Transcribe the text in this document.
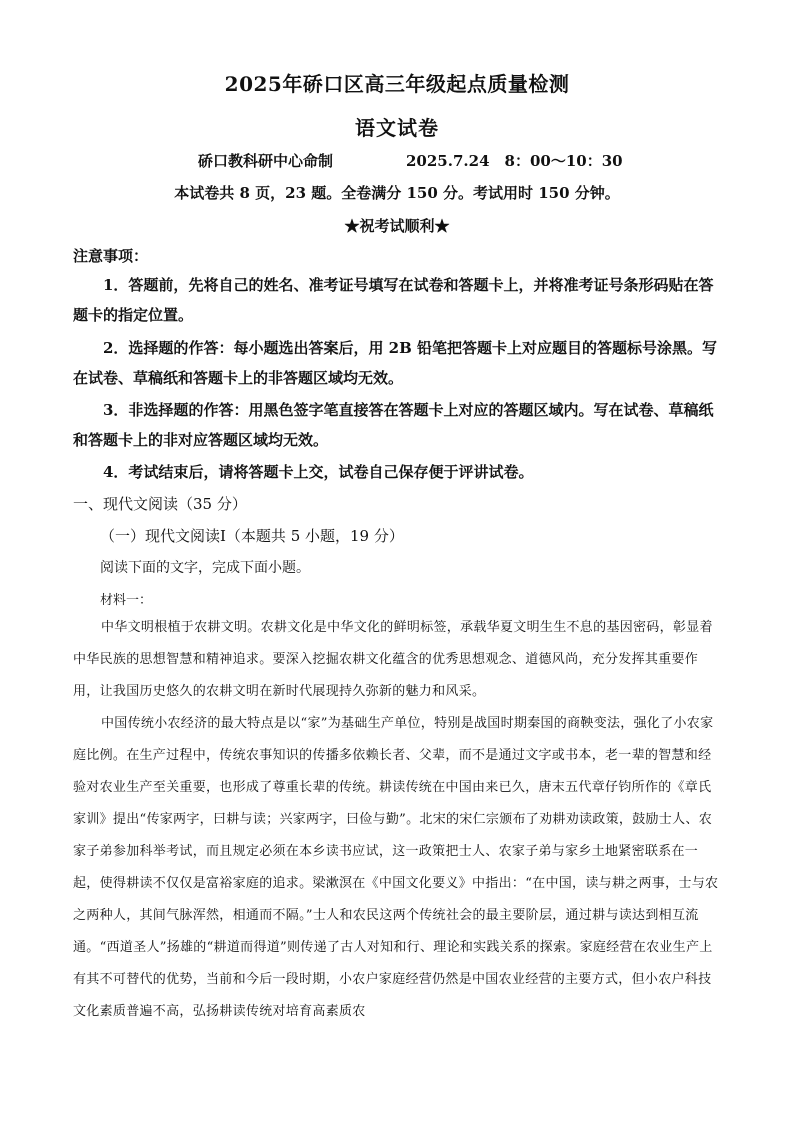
2025年硚口区高三年级起点质量检测
语文试卷
硚口教科研中心命制	2025.7.24　8：00～10：30
本试卷共 8 页，23 题。全卷满分 150 分。考试用时 150 分钟。
★祝考试顺利★
注意事项：
1．答题前，先将自己的姓名、准考证号填写在试卷和答题卡上，并将准考证号条形码贴在答题卡的指定位置。
2．选择题的作答：每小题选出答案后，用 2B 铅笔把答题卡上对应题目的答题标号涂黑。写在试卷、草稿纸和答题卡上的非答题区域均无效。
3．非选择题的作答：用黑色签字笔直接答在答题卡上对应的答题区域内。写在试卷、草稿纸和答题卡上的非对应答题区域均无效。
4．考试结束后，请将答题卡上交，试卷自己保存便于评讲试卷。
一、现代文阅读（35 分）
（一）现代文阅读Ⅰ（本题共 5 小题，19 分）
阅读下面的文字，完成下面小题。
材料一：
中华文明根植于农耕文明。农耕文化是中华文化的鲜明标签，承载华夏文明生生不息的基因密码，彰显着中华民族的思想智慧和精神追求。要深入挖掘农耕文化蕴含的优秀思想观念、道德风尚，充分发挥其重要作用，让我国历史悠久的农耕文明在新时代展现持久弥新的魅力和风采。
中国传统小农经济的最大特点是以“家”为基础生产单位，特别是战国时期秦国的商鞅变法，强化了小农家庭比例。在生产过程中，传统农事知识的传播多依赖长者、父辈，而不是通过文字或书本，老一辈的智慧和经验对农业生产至关重要，也形成了尊重长辈的传统。耕读传统在中国由来已久，唐末五代章仔钧所作的《章氏家训》提出“传家两字，曰耕与读；兴家两字，曰俭与勤”。北宋的宋仁宗颁布了劝耕劝读政策，鼓励士人、农家子弟参加科举考试，而且规定必须在本乡读书应试，这一政策把士人、农家子弟与家乡土地紧密联系在一起，使得耕读不仅仅是富裕家庭的追求。梁漱溟在《中国文化要义》中指出：“在中国，读与耕之两事，士与农之两种人，其间气脉浑然，相通而不隔。”士人和农民这两个传统社会的最主要阶层，通过耕与读达到相互流通。“西道圣人”扬雄的“耕道而得道”则传递了古人对知和行、理论和实践关系的探索。家庭经营在农业生产上有其不可替代的优势，当前和今后一段时期，小农户家庭经营仍然是中国农业经营的主要方式，但小农户科技文化素质普遍不高，弘扬耕读传统对培育高素质农
